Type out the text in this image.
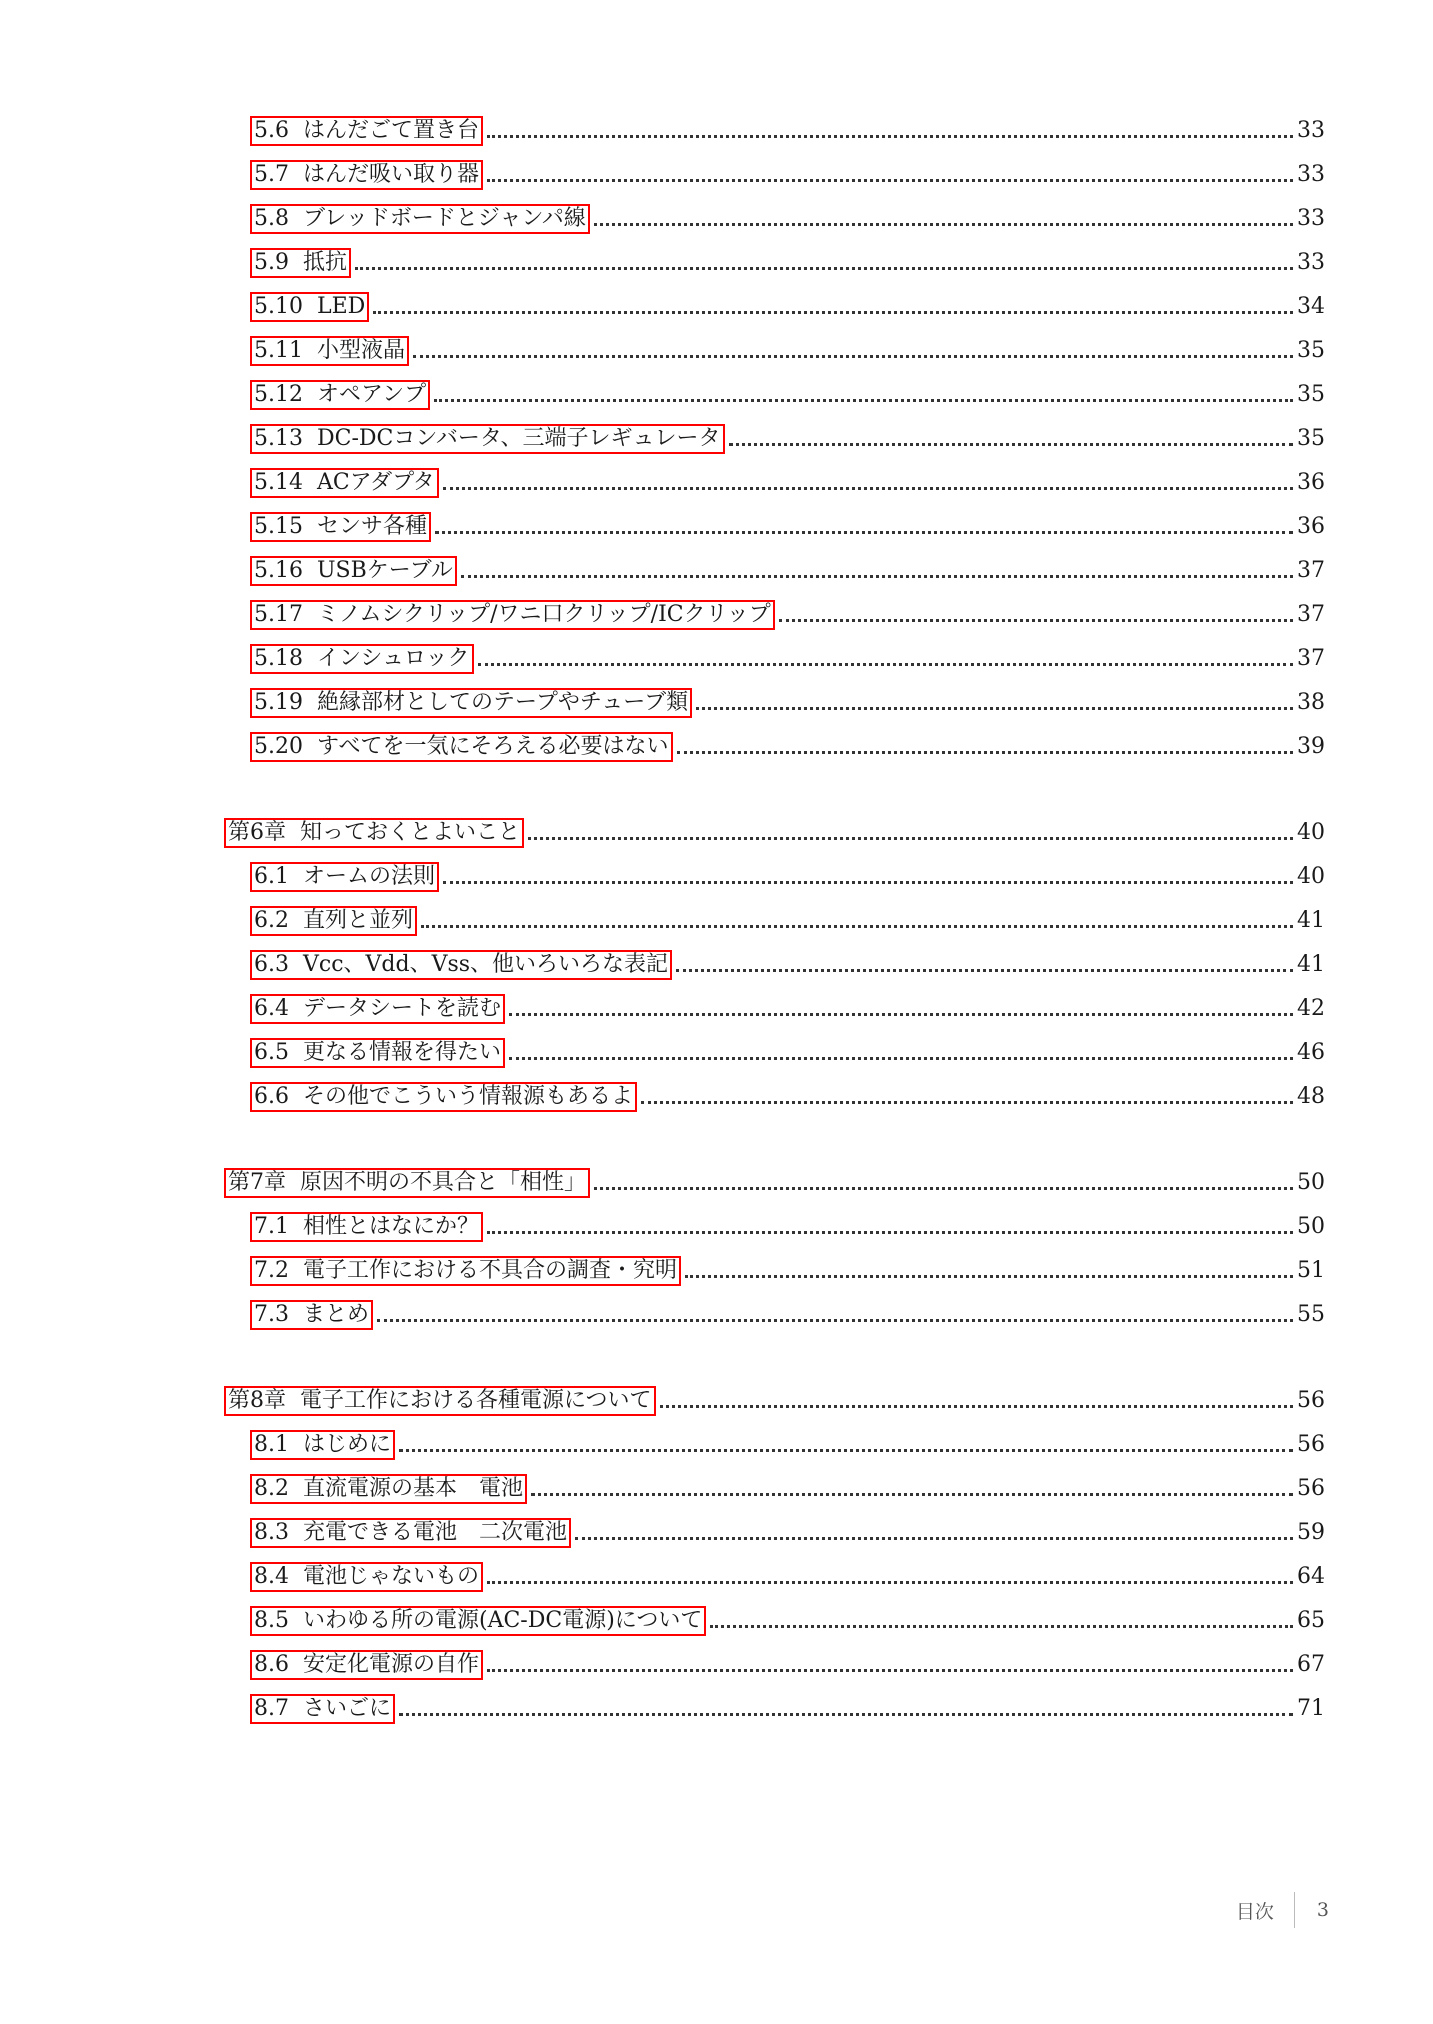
5.6 はんだごて置き台	33
5.7 はんだ吸い取り器	33
5.8 ブレッドボードとジャンパ線	33
5.9 抵抗	33
5.10 LED	34
5.11 小型液晶	35
5.12 オペアンプ	35
5.13 DC-DCコンバータ、三端子レギュレータ	35
5.14 ACアダプタ	36
5.15 センサ各種	36
5.16 USBケーブル	37
5.17 ミノムシクリップ/ワニ口クリップ/ICクリップ	37
5.18 インシュロック	37
5.19 絶縁部材としてのテープやチューブ類	38
5.20 すべてを一気にそろえる必要はない	39
第6章 知っておくとよいこと	40
6.1 オームの法則	40
6.2 直列と並列	41
6.3 Vcc、Vdd、Vss、他いろいろな表記	41
6.4 データシートを読む	42
6.5 更なる情報を得たい	46
6.6 その他でこういう情報源もあるよ	48
第7章 原因不明の不具合と「相性」	50
7.1 相性とはなにか？	50
7.2 電子工作における不具合の調査・究明	51
7.3 まとめ	55
第8章 電子工作における各種電源について	56
8.1 はじめに	56
8.2 直流電源の基本　電池	56
8.3 充電できる電池　二次電池	59
8.4 電池じゃないもの	64
8.5 いわゆる所の電源(AC-DC電源)について	65
8.6 安定化電源の自作	67
8.7 さいごに	71
目次 3
